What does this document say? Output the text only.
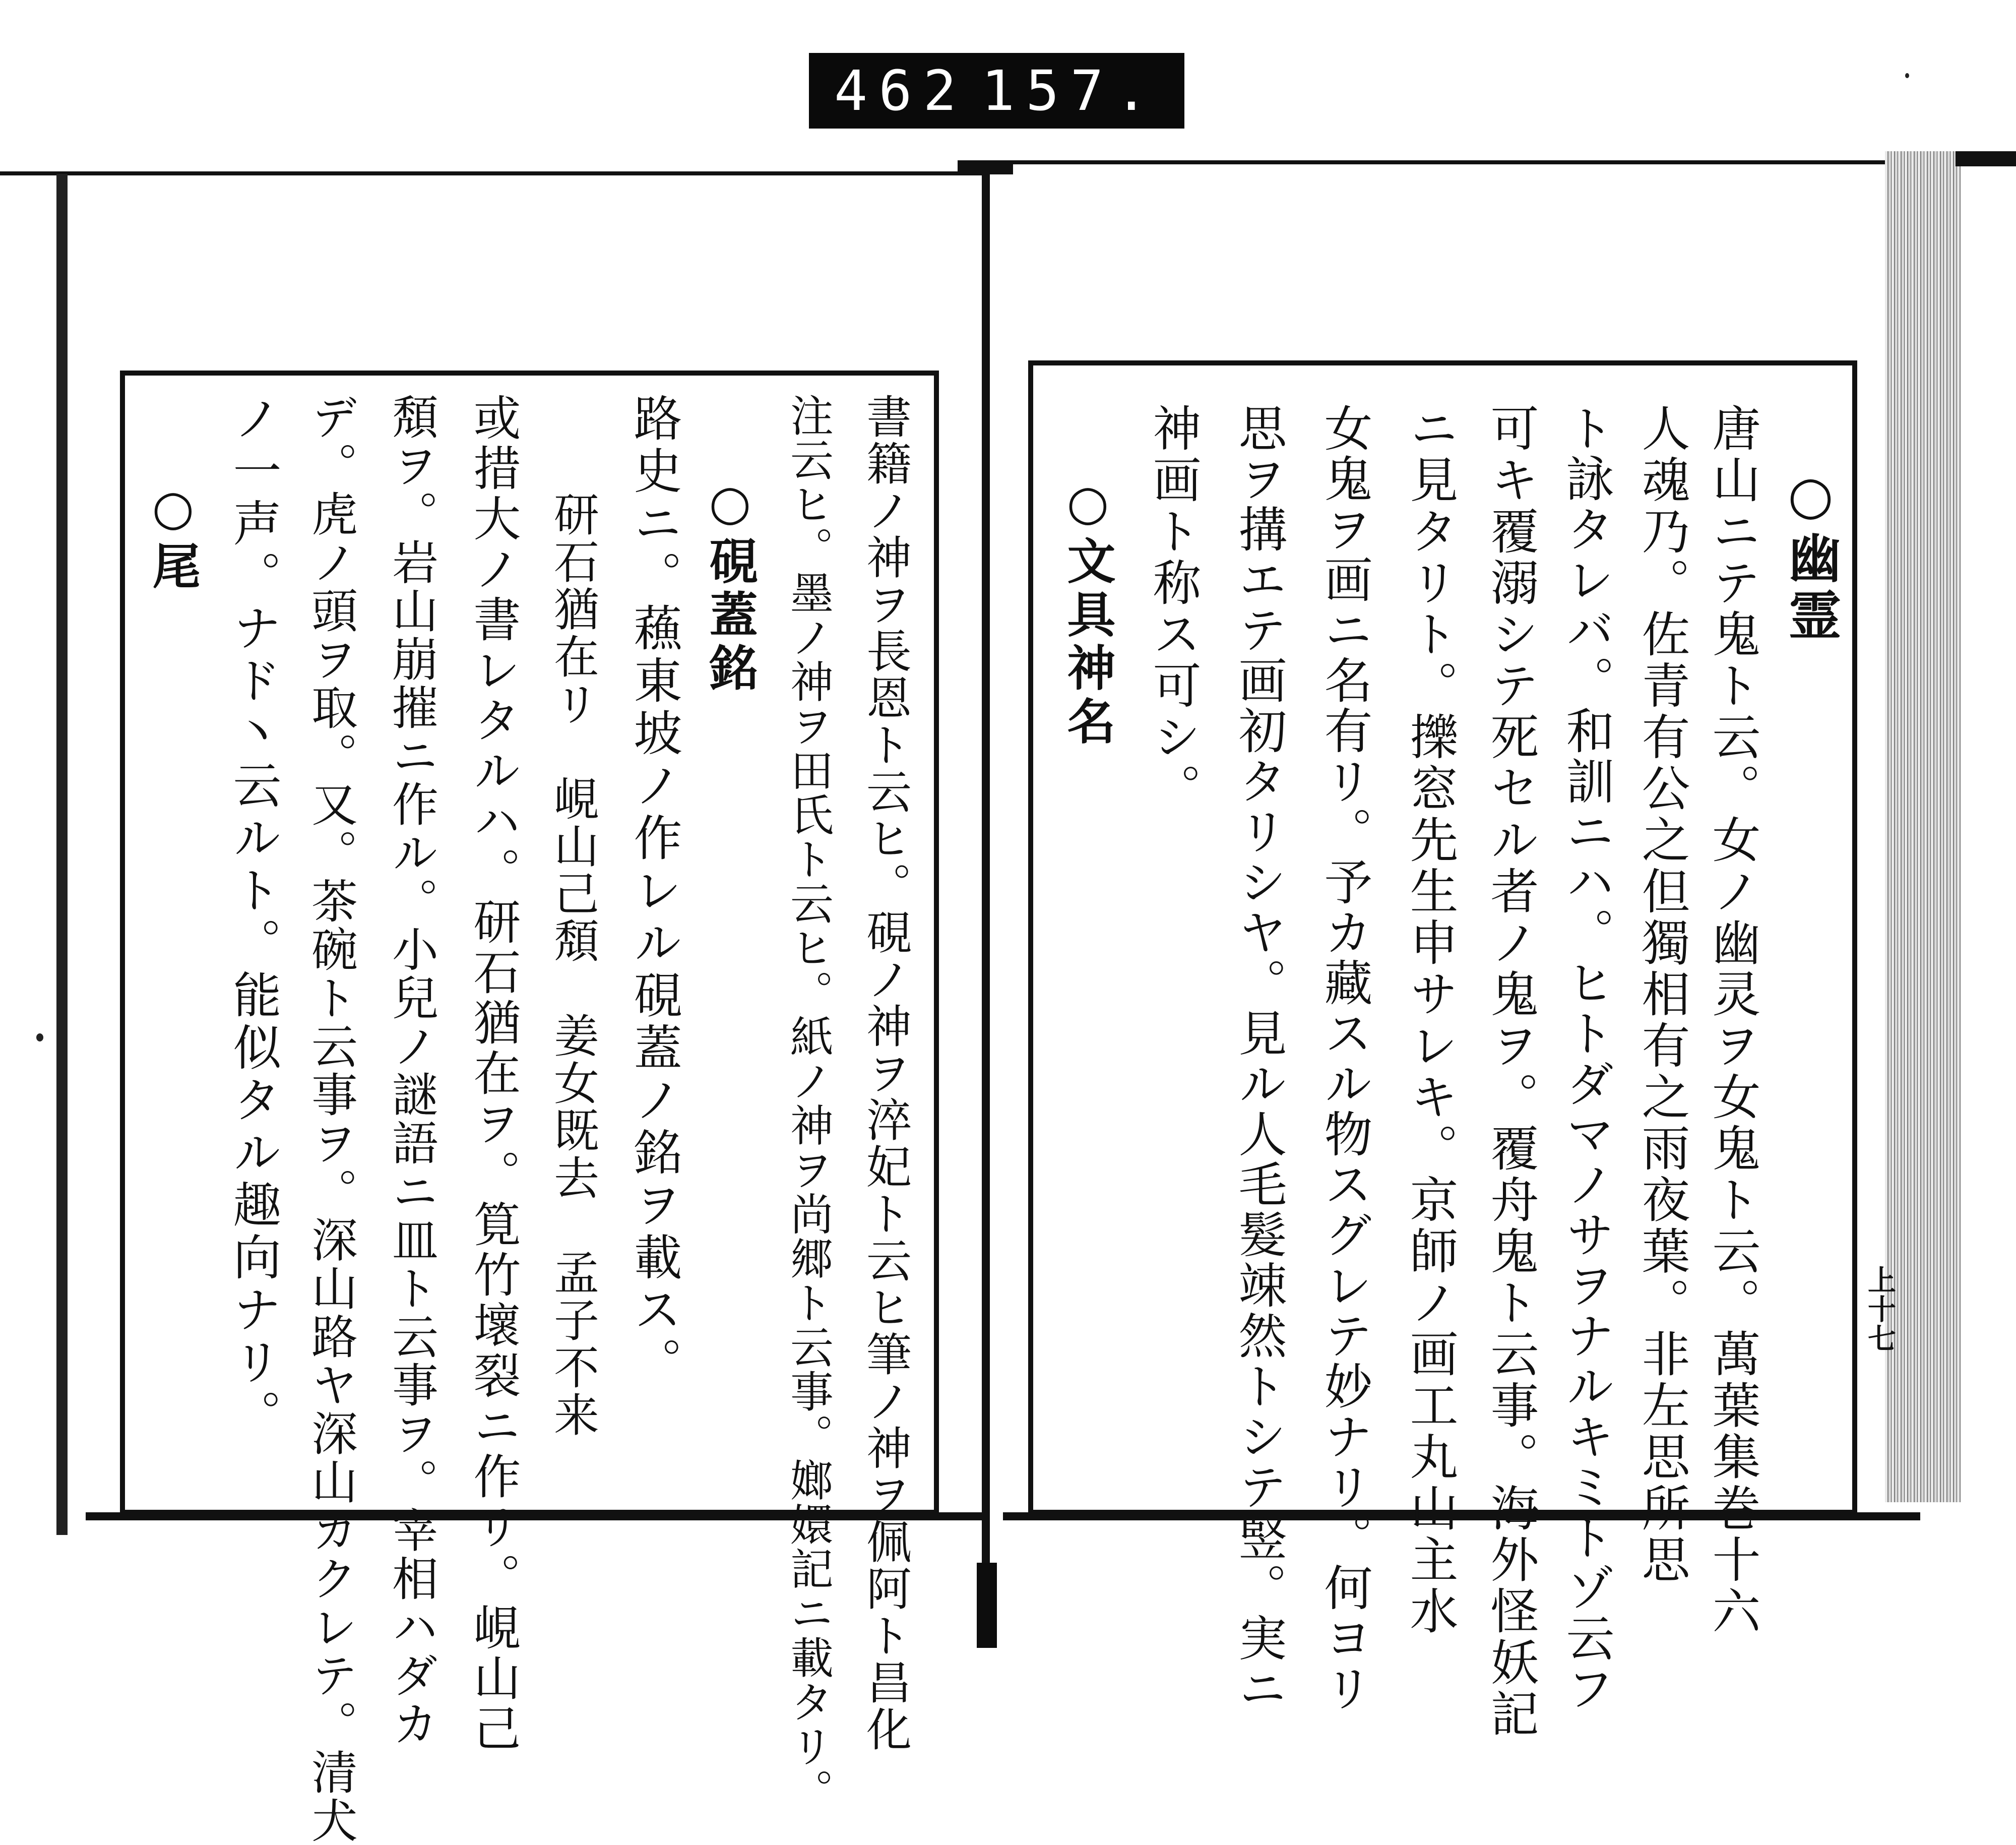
462 157.
上十七
○幽霊
唐山ニテ鬼ト云。女ノ幽灵ヲ女鬼ト云。萬葉集巻十六
人魂乃。佐青有公之但獨相有之雨夜葉。非左思所思
ト詠タレバ。和訓ニハ。ヒトダマノサヲナルキミトゾ云フ
可キ覆溺シテ死セル者ノ鬼ヲ。覆舟鬼ト云事。海外怪妖記
ニ見タリト。擽窓先生申サレキ。京師ノ画工丸山主水
女鬼ヲ画ニ名有リ。予カ藏スル物スグレテ妙ナリ。何ヨリ
思ヲ搆エテ画初タリシヤ。見ル人毛髮竦然トシテ竪。実ニ
神画ト称ス可シ。
○文具神名
書籍ノ神ヲ長恩ト云ヒ。硯ノ神ヲ淬妃ト云ヒ筆ノ神ヲ佩阿ト昌化
注云ヒ。墨ノ神ヲ田氏ト云ヒ。紙ノ神ヲ尚郷ト云事。嫏嬛記ニ載タリ。
○硯蓋銘
路史ニ。蘓東坡ノ作レル硯蓋ノ銘ヲ載ス。
　研石猶在リ　峴山己頽　姜女既去　孟子不来
或措大ノ書レタルハ。研石猶在ヲ。筧竹壞裂ニ作リ。峴山己
頽ヲ。岩山崩摧ニ作ル。小兒ノ謎語ニ皿ト云事ヲ。宰相ハダカ
デ。虎ノ頭ヲ取。又。茶碗ト云事ヲ。深山路ヤ深山カクレテ。清犬
ノ一声。ナド丶云ルト。能似タル趣向ナリ。
○尾
